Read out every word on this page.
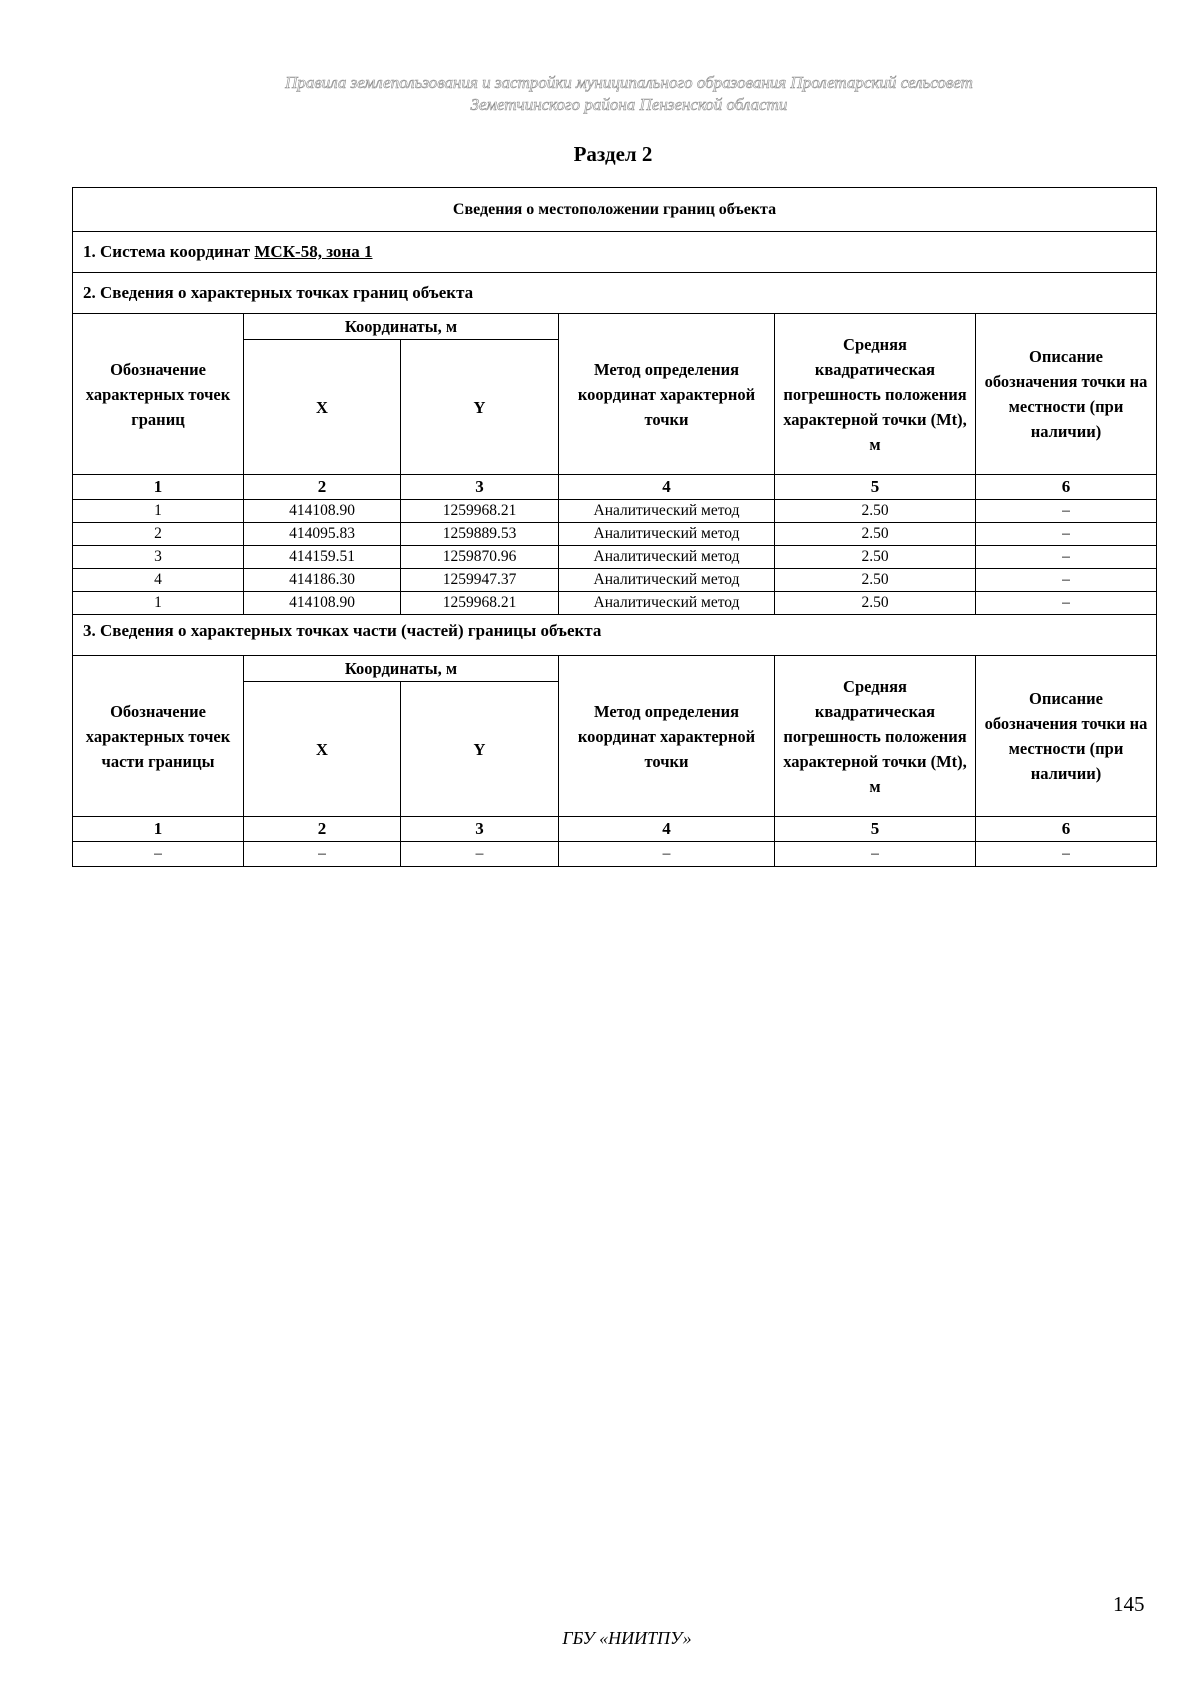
Правила землепользования и застройки муниципального образования Пролетарский сельсовет
Земетчинского района Пензенской области
Раздел 2
Сведения о местоположении границ объекта					
1. Система координат МСК-58, зона 1					
2. Сведения о характерных точках границ объекта					
Обозначение характерных точек границ	Координаты, м		Метод определения координат характерной точки	Средняя квадратическая погрешность положения характерной точки (Mt), м	Описание обозначения точки на местности (при наличии)
	X	Y			
1	2	3	4	5	6
1	414108.90	1259968.21	Аналитический метод	2.50	–
2	414095.83	1259889.53	Аналитический метод	2.50	–
3	414159.51	1259870.96	Аналитический метод	2.50	–
4	414186.30	1259947.37	Аналитический метод	2.50	–
1	414108.90	1259968.21	Аналитический метод	2.50	–
3. Сведения о характерных точках части (частей) границы объекта					
Обозначение характерных точек части границы	Координаты, м		Метод определения координат характерной точки	Средняя квадратическая погрешность положения характерной точки (Mt), м	Описание обозначения точки на местности (при наличии)
	X	Y			
1	2	3	4	5	6
–	–	–	–	–	–
145
ГБУ «НИИТПУ»
